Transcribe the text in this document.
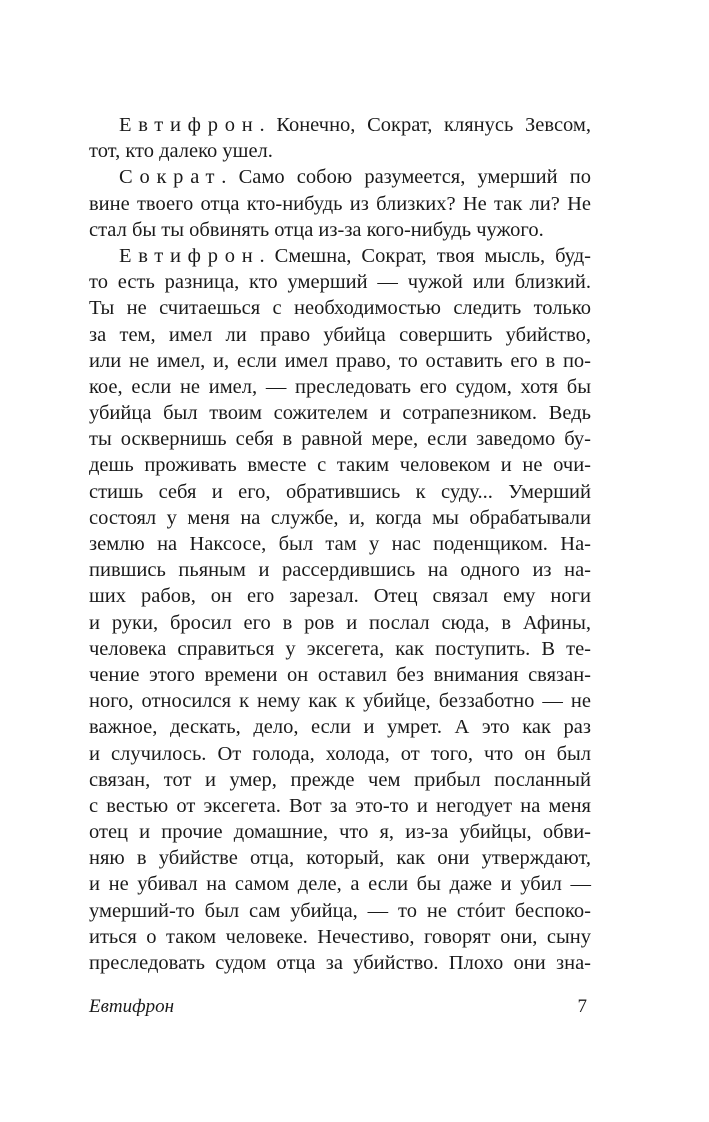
Евтифрон. Конечно, Сократ, клянусь Зевсом,
тот, кто далеко ушел.
Сократ. Само собою разумеется, умерший по
вине твоего отца кто-нибудь из близких? Не так ли? Не
стал бы ты обвинять отца из-за кого-нибудь чужого.
Евтифрон. Смешна, Сократ, твоя мысль, буд-
то есть разница, кто умерший — чужой или близкий.
Ты не считаешься с необходимостью следить только
за тем, имел ли право убийца совершить убийство,
или не имел, и, если имел право, то оставить его в по-
кое, если не имел, — преследовать его судом, хотя бы
убийца был твоим сожителем и сотрапезником. Ведь
ты осквернишь себя в равной мере, если заведомо бу-
дешь проживать вместе с таким человеком и не очи-
стишь себя и его, обратившись к суду... Умерший
состоял у меня на службе, и, когда мы обрабатывали
землю на Наксосе, был там у нас поденщиком. На-
пившись пьяным и рассердившись на одного из на-
ших рабов, он его зарезал. Отец связал ему ноги
и руки, бросил его в ров и послал сюда, в Афины,
человека справиться у эксегета, как поступить. В те-
чение этого времени он оставил без внимания связан-
ного, относился к нему как к убийце, беззаботно — не
важное, дескать, дело, если и умрет. А это как раз
и случилось. От голода, холода, от того, что он был
связан, тот и умер, прежде чем прибыл посланный
с вестью от эксегета. Вот за это-то и негодует на меня
отец и прочие домашние, что я, из-за убийцы, обви-
няю в убийстве отца, который, как они утверждают,
и не убивал на самом деле, а если бы даже и убил —
умерший-то был сам убийца, — то не стóит беспоко-
иться о таком человеке. Нечестиво, говорят они, сыну
преследовать судом отца за убийство. Плохо они зна-
Евтифрон	7
